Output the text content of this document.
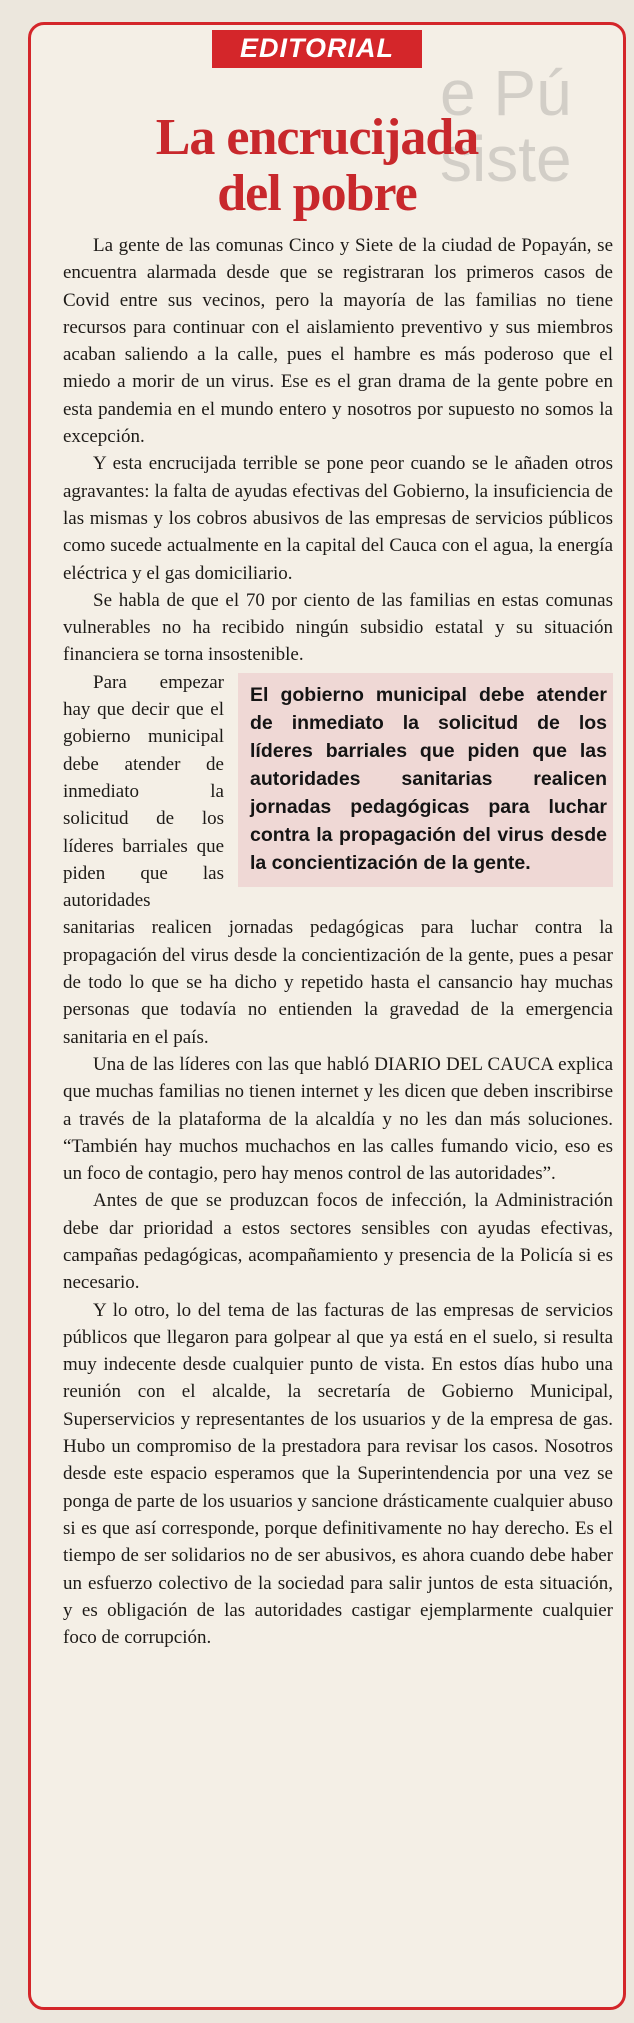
e Pú
siste
EDITORIAL
La encrucijada
del pobre

La gente de las comunas Cinco y Siete de la ciudad de Popayán, se encuentra alarmada desde que se registraran los primeros casos de Covid entre sus vecinos, pero la mayoría de las familias no tiene recursos para continuar con el aislamiento preventivo y sus miembros acaban saliendo a la calle, pues el hambre es más poderoso que el miedo a morir de un virus. Ese es el gran drama de la gente pobre en esta pandemia en el mundo entero y nosotros por supuesto no somos la excepción.

Y esta encrucijada terrible se pone peor cuando se le añaden otros agravantes: la falta de ayudas efectivas del Gobierno, la insuficiencia de las mismas y los cobros abusivos de las empresas de servicios públicos como sucede actualmente en la capital del Cauca con el agua, la energía eléctrica y el gas domiciliario.

Se habla de que el 70 por ciento de las familias en estas comunas vulnerables no ha recibido ningún subsidio estatal y su situación financiera se torna insostenible.

El gobierno municipal debe atender de inmediato la solicitud de los líderes barriales que piden que las autoridades sanitarias realicen jornadas pedagógicas para luchar contra la propagación del virus desde la concientización de la gente.

Para empezar hay que decir que el gobierno municipal debe atender de inmediato la solicitud de los líderes barriales que piden que las autoridades sanitarias realicen jornadas pedagógicas para luchar contra la propagación del virus desde la concientización de la gente, pues a pesar de todo lo que se ha dicho y repetido hasta el cansancio hay muchas personas que todavía no entienden la gravedad de la emergencia sanitaria en el país.

Una de las líderes con las que habló DIARIO DEL CAUCA explica que muchas familias no tienen internet y les dicen que deben inscribirse a través de la plataforma de la alcaldía y no les dan más soluciones. “También hay muchos muchachos en las calles fumando vicio, eso es un foco de contagio, pero hay menos control de las autoridades”.

Antes de que se produzcan focos de infección, la Administración debe dar prioridad a estos sectores sensibles con ayudas efectivas, campañas pedagógicas, acompañamiento y presencia de la Policía si es necesario.

Y lo otro, lo del tema de las facturas de las empresas de servicios públicos que llegaron para golpear al que ya está en el suelo, si resulta muy indecente desde cualquier punto de vista. En estos días hubo una reunión con el alcalde, la secretaría de Gobierno Municipal, Superservicios y representantes de los usuarios y de la empresa de gas. Hubo un compromiso de la prestadora para revisar los casos. Nosotros desde este espacio esperamos que la Superintendencia por una vez se ponga de parte de los usuarios y sancione drásticamente cualquier abuso si es que así corresponde, porque definitivamente no hay derecho. Es el tiempo de ser solidarios no de ser abusivos, es ahora cuando debe haber un esfuerzo colectivo de la sociedad para salir juntos de esta situación, y es obligación de las autoridades castigar ejemplarmente cualquier foco de corrupción.
